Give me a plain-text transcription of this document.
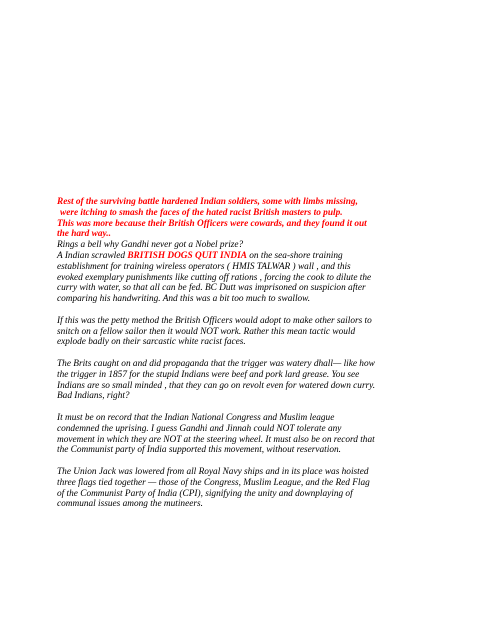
Rest of the surviving battle hardened Indian soldiers, some with limbs missing,
were itching to smash the faces of the hated racist British masters to pulp.
This was more because their British Officers were cowards, and they found it out
the hard way..
Rings a bell why Gandhi never got a Nobel prize?
A Indian scrawled BRITISH DOGS QUIT INDIA on the sea-shore training
establishment for training wireless operators ( HMIS TALWAR ) wall , and this
evoked exemplary punishments like cutting off rations , forcing the cook to dilute the
curry with water, so that all can be fed. BC Dutt was imprisoned on suspicion after
comparing his handwriting. And this was a bit too much to swallow.
If this was the petty method the British Officers would adopt to make other sailors to
snitch on a fellow sailor then it would NOT work. Rather this mean tactic would
explode badly on their sarcastic white racist faces.
The Brits caught on and did propaganda that the trigger was watery dhall— like how
the trigger in 1857 for the stupid Indians were beef and pork lard grease. You see
Indians are so small minded , that they can go on revolt even for watered down curry.
Bad Indians, right?
It must be on record that the Indian National Congress and Muslim league
condemned the uprising. I guess Gandhi and Jinnah could NOT tolerate any
movement in which they are NOT at the steering wheel. It must also be on record that
the Communist party of India supported this movement, without reservation.
The Union Jack was lowered from all Royal Navy ships and in its place was hoisted
three flags tied together — those of the Congress, Muslim League, and the Red Flag
of the Communist Party of India (CPI), signifying the unity and downplaying of
communal issues among the mutineers.
